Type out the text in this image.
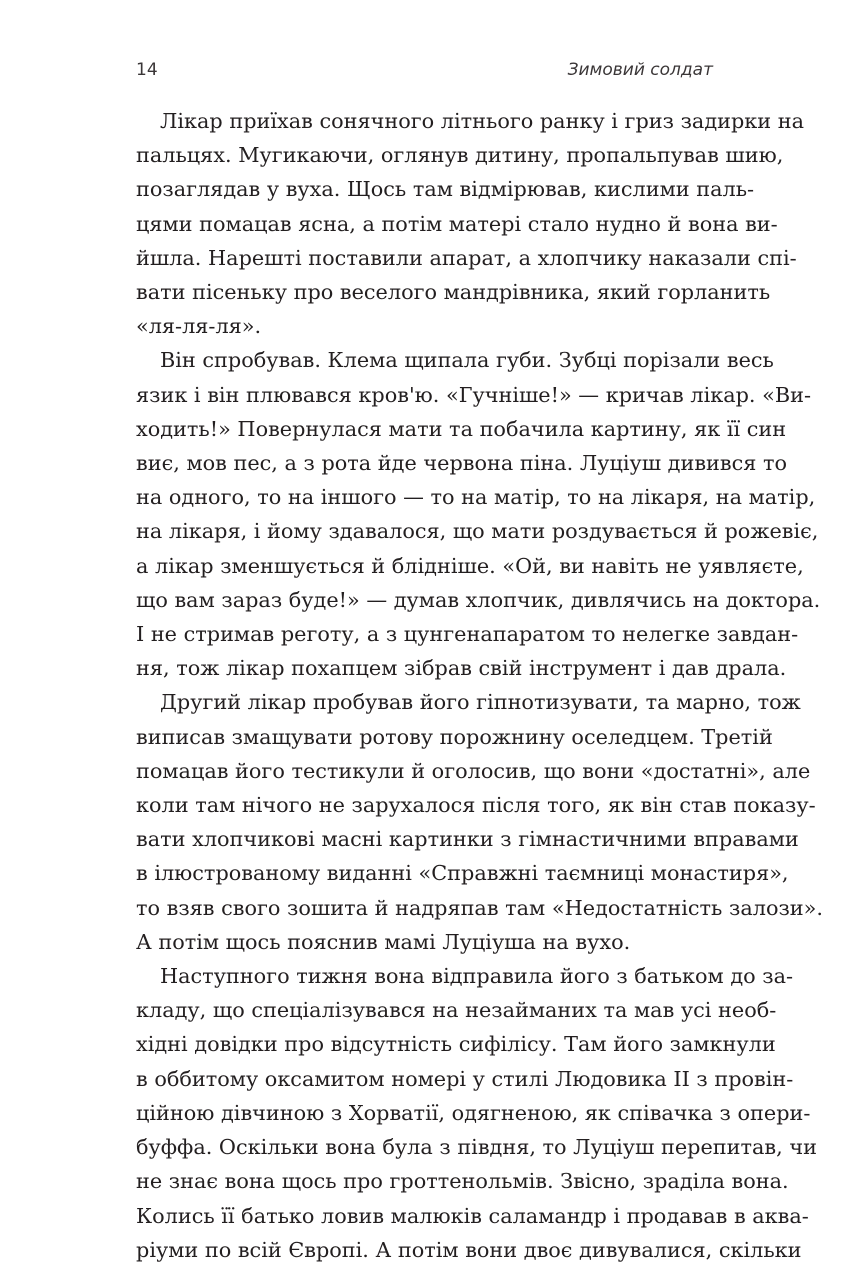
14	Зимовий солдат

Лікар приїхав сонячного літнього ранку і гриз задирки на
пальцях. Мугикаючи, оглянув дитину, пропальпував шию,
позаглядав у вуха. Щось там відмірював, кислими паль-
цями помацав ясна, а потім матері стало нудно й вона ви-
йшла. Нарешті поставили апарат, а хлопчику наказали спі-
вати пісеньку про веселого мандрівника, який горланить
«ля-ля-ля».

Він спробував. Клема щипала губи. Зубці порізали весь
язик і він плювався кров'ю. «Гучніше!» — кричав лікар. «Ви-
ходить!» Повернулася мати та побачила картину, як її син
виє, мов пес, а з рота йде червона піна. Луціуш дивився то
на одного, то на іншого — то на матір, то на лікаря, на матір,
на лікаря, і йому здавалося, що мати роздувається й рожевіє,
а лікар зменшується й блідніше. «Ой, ви навіть не уявляєте,
що вам зараз буде!» — думав хлопчик, дивлячись на доктора.
І не стримав реготу, а з цунгенапаратом то нелегке завдан-
ня, тож лікар похапцем зібрав свій інструмент і дав драла.

Другий лікар пробував його гіпнотизувати, та марно, тож
виписав змащувати ротову порожнину оселедцем. Третій
помацав його тестикули й оголосив, що вони «достатні», але
коли там нічого не зарухалося після того, як він став показу-
вати хлопчикові масні картинки з гімнастичними вправами
в ілюстрованому виданні «Справжні таємниці монастиря»,
то взяв свого зошита й надряпав там «Недостатність залози».
А потім щось пояснив мамі Луціуша на вухо.

Наступного тижня вона відправила його з батьком до за-
кладу, що спеціалізувався на незайманих та мав усі необ-
хідні довідки про відсутність сифілісу. Там його замкнули
в оббитому оксамитом номері у стилі Людовика II з провін-
ційною дівчиною з Хорватії, одягненою, як співачка з опери-
буффа. Оскільки вона була з півдня, то Луціуш перепитав, чи
не знає вона щось про гроттенольмів. Звісно, зраділа вона.
Колись її батько ловив малюків саламандр і продавав в аква-
ріуми по всій Європі. А потім вони двоє дивувалися, скільки
